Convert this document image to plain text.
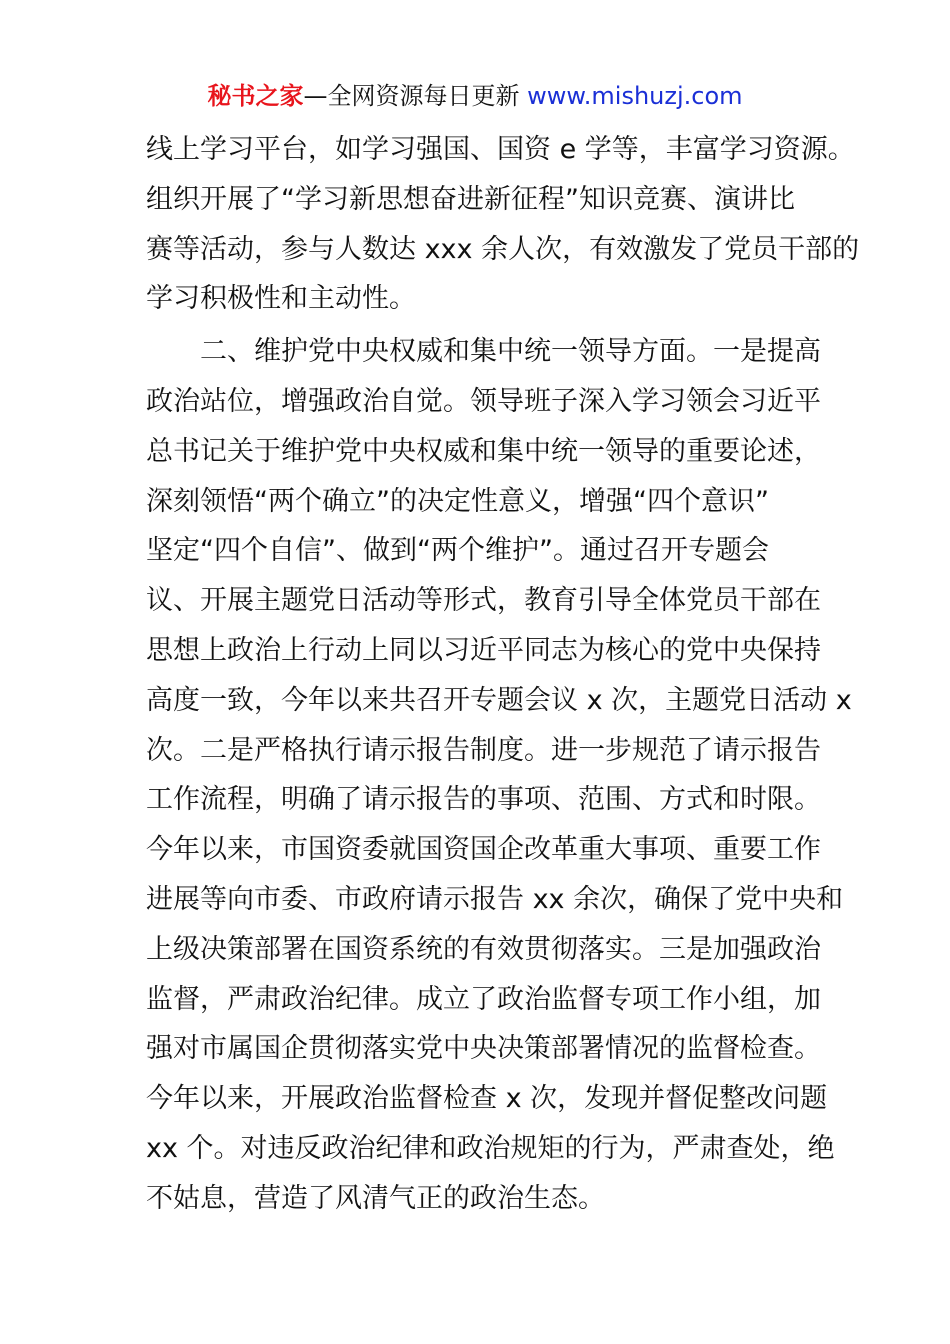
秘书之家—全网资源每日更新 www.mishuzj.com
线上学习平台，如学习强国、国资 e 学等，丰富学习资源。
组织开展了“学习新思想奋进新征程”知识竞赛、演讲比
赛等活动，参与人数达 xxx 余人次，有效激发了党员干部的
学习积极性和主动性。
　　二、维护党中央权威和集中统一领导方面。一是提高
政治站位，增强政治自觉。领导班子深入学习领会习近平
总书记关于维护党中央权威和集中统一领导的重要论述，
深刻领悟“两个确立”的决定性意义，增强“四个意识”
坚定“四个自信”、做到“两个维护”。通过召开专题会
议、开展主题党日活动等形式，教育引导全体党员干部在
思想上政治上行动上同以习近平同志为核心的党中央保持
高度一致，今年以来共召开专题会议 x 次，主题党日活动 x
次。二是严格执行请示报告制度。进一步规范了请示报告
工作流程，明确了请示报告的事项、范围、方式和时限。
今年以来，市国资委就国资国企改革重大事项、重要工作
进展等向市委、市政府请示报告 xx 余次，确保了党中央和
上级决策部署在国资系统的有效贯彻落实。三是加强政治
监督，严肃政治纪律。成立了政治监督专项工作小组，加
强对市属国企贯彻落实党中央决策部署情况的监督检查。
今年以来，开展政治监督检查 x 次，发现并督促整改问题
xx 个。对违反政治纪律和政治规矩的行为，严肃查处，绝
不姑息，营造了风清气正的政治生态。
